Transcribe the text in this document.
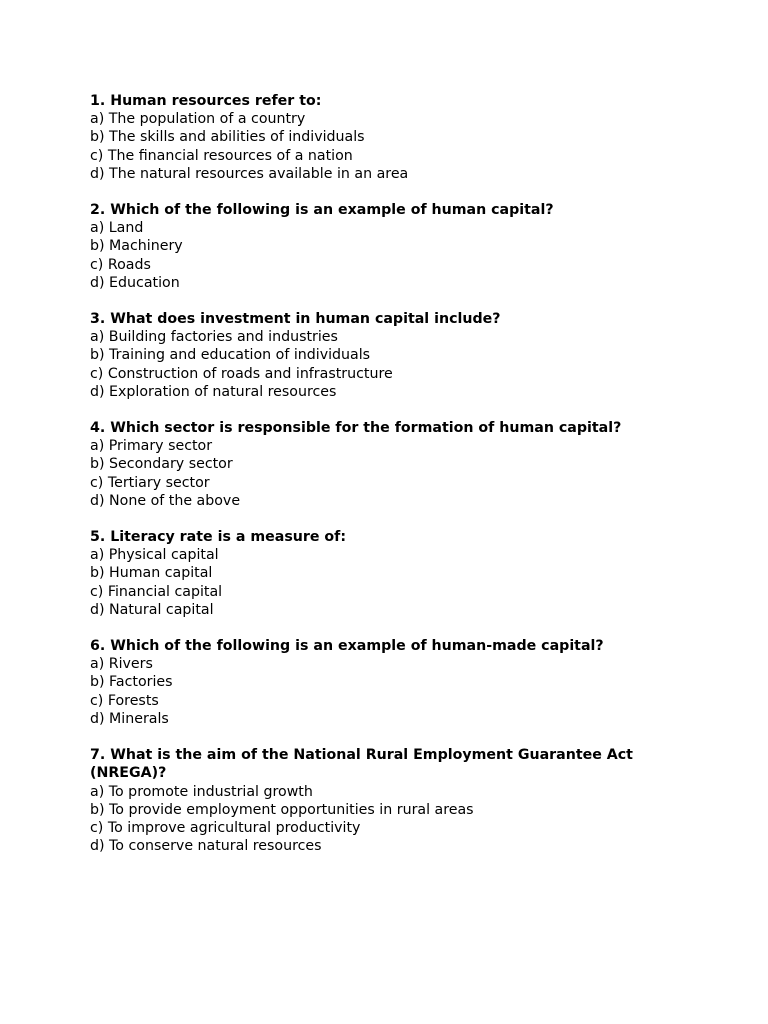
1. Human resources refer to:

a) The population of a country
b) The skills and abilities of individuals
c) The financial resources of a nation
d) The natural resources available in an area

2. Which of the following is an example of human capital?

a) Land
b) Machinery
c) Roads
d) Education

3. What does investment in human capital include?

a) Building factories and industries
b) Training and education of individuals
c) Construction of roads and infrastructure
d) Exploration of natural resources

4. Which sector is responsible for the formation of human capital?

a) Primary sector
b) Secondary sector
c) Tertiary sector
d) None of the above

5. Literacy rate is a measure of:

a) Physical capital
b) Human capital
c) Financial capital
d) Natural capital

6. Which of the following is an example of human-made capital?

a) Rivers
b) Factories
c) Forests
d) Minerals

7. What is the aim of the National Rural Employment Guarantee Act (NREGA)?

a) To promote industrial growth
b) To provide employment opportunities in rural areas
c) To improve agricultural productivity
d) To conserve natural resources
